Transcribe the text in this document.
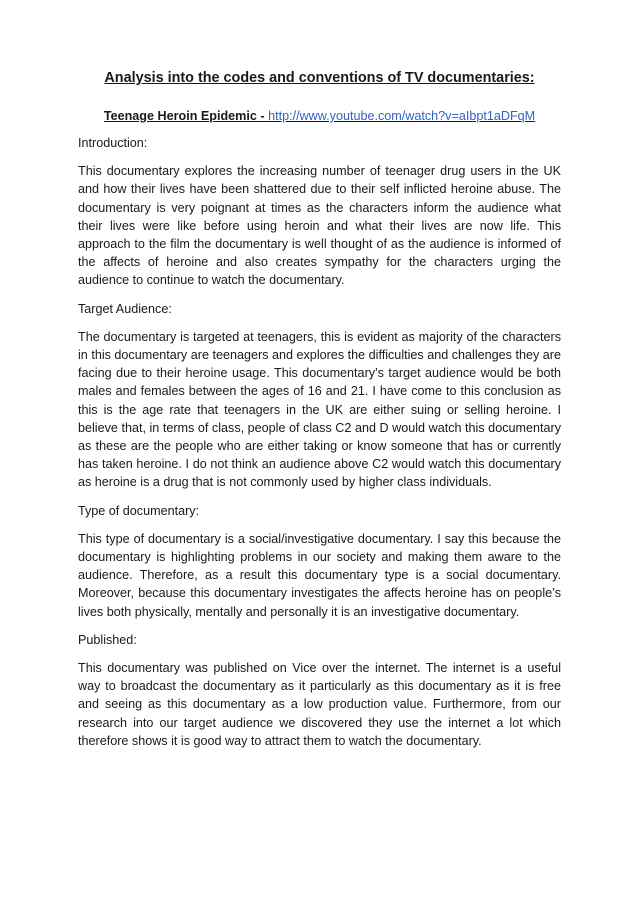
Analysis into the codes and conventions of TV documentaries:
Teenage Heroin Epidemic - http://www.youtube.com/watch?v=aIbpt1aDFqM

Introduction:

This documentary explores the increasing number of teenager drug users in the UK and how their lives have been shattered due to their self inflicted heroine abuse. The documentary is very poignant at times as the characters inform the audience what their lives were like before using heroin and what their lives are now life. This approach to the film the documentary is well thought of as the audience is informed of the affects of heroine and also creates sympathy for the characters urging the audience to continue to watch the documentary.

Target Audience:

The documentary is targeted at teenagers, this is evident as majority of the characters in this documentary are teenagers and explores the difficulties and challenges they are facing due to their heroine usage. This documentary’s target audience would be both males and females between the ages of 16 and 21. I have come to this conclusion as this is the age rate that teenagers in the UK are either suing or selling heroine. I believe that, in terms of class, people of class C2 and D would watch this documentary as these are the people who are either taking or know someone that has or currently has taken heroine. I do not think an audience above C2 would watch this documentary as heroine is a drug that is not commonly used by higher class individuals.

Type of documentary:

This type of documentary is a social/investigative documentary. I say this because the documentary is highlighting problems in our society and making them aware to the audience. Therefore, as a result this documentary type is a social documentary. Moreover, because this documentary investigates the affects heroine has on people’s lives both physically, mentally and personally it is an investigative documentary.

Published:

This documentary was published on Vice over the internet. The internet is a useful way to broadcast the documentary as it particularly as this documentary as it is free and seeing as this documentary as a low production value. Furthermore, from our research into our target audience we discovered they use the internet a lot which therefore shows it is good way to attract them to watch the documentary.
